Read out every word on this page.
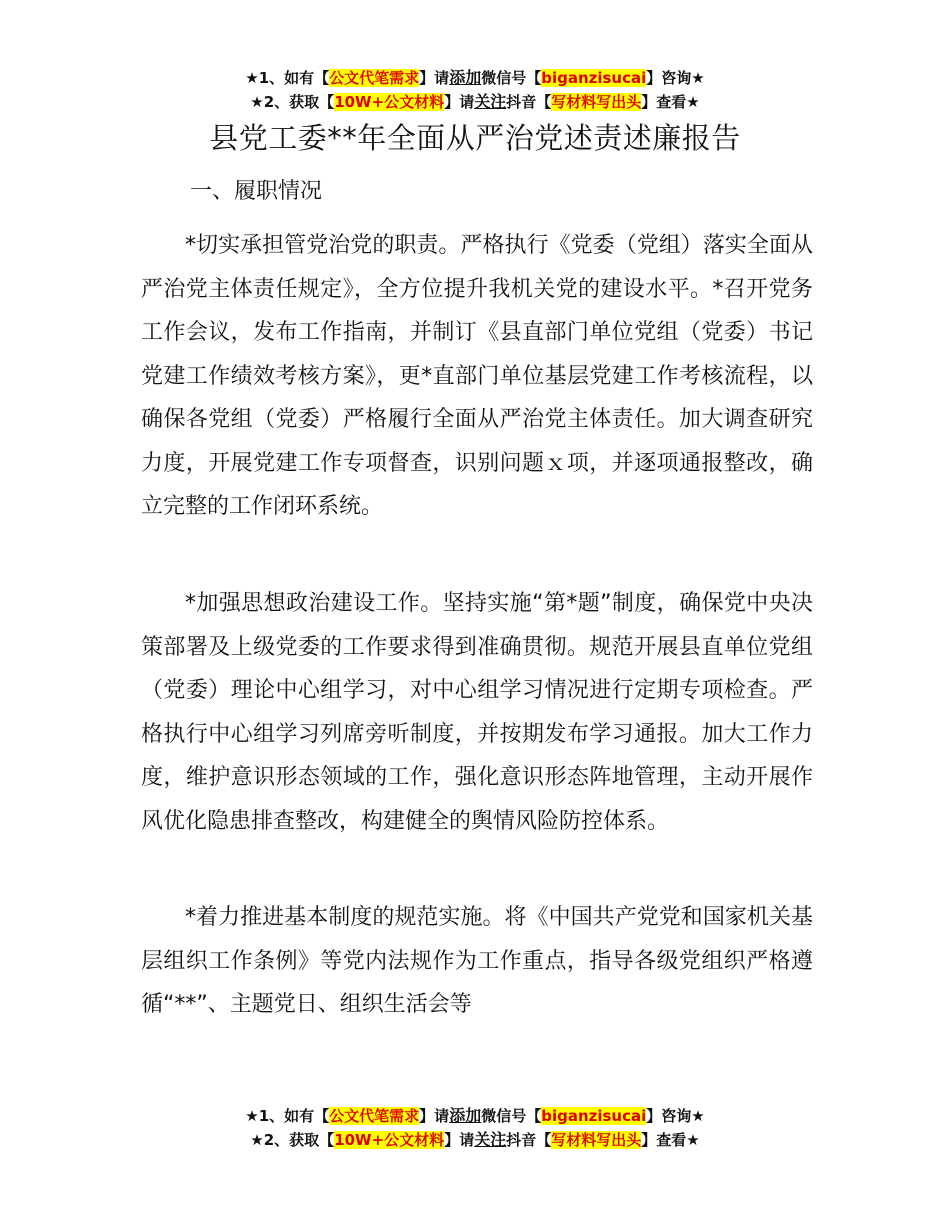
★1、如有【公文代笔需求】请添加微信号【biganzisucai】咨询★
★2、获取【10W+公文材料】请关注抖音【写材料写出头】查看★
县党工委**年全面从严治党述责述廉报告
一、履职情况

*切实承担管党治党的职责。严格执行《党委（党组）落实全面从严治党主体责任规定》，全方位提升我机关党的建设水平。*召开党务工作会议，发布工作指南，并制订《县直部门单位党组（党委）书记党建工作绩效考核方案》，更*直部门单位基层党建工作考核流程，以确保各党组（党委）严格履行全面从严治党主体责任。加大调查研究力度，开展党建工作专项督查，识别问题ｘ项，并逐项通报整改，确立完整的工作闭环系统。

*加强思想政治建设工作。坚持实施“第*题”制度，确保党中央决策部署及上级党委的工作要求得到准确贯彻。规范开展县直单位党组（党委）理论中心组学习，对中心组学习情况进行定期专项检查。严格执行中心组学习列席旁听制度，并按期发布学习通报。加大工作力度，维护意识形态领域的工作，强化意识形态阵地管理，主动开展作风优化隐患排查整改，构建健全的舆情风险防控体系。

*着力推进基本制度的规范实施。将《中国共产党党和国家机关基层组织工作条例》等党内法规作为工作重点，指导各级党组织严格遵循“**”、主题党日、组织生活会等

★1、如有【公文代笔需求】请添加微信号【biganzisucai】咨询★
★2、获取【10W+公文材料】请关注抖音【写材料写出头】查看★
